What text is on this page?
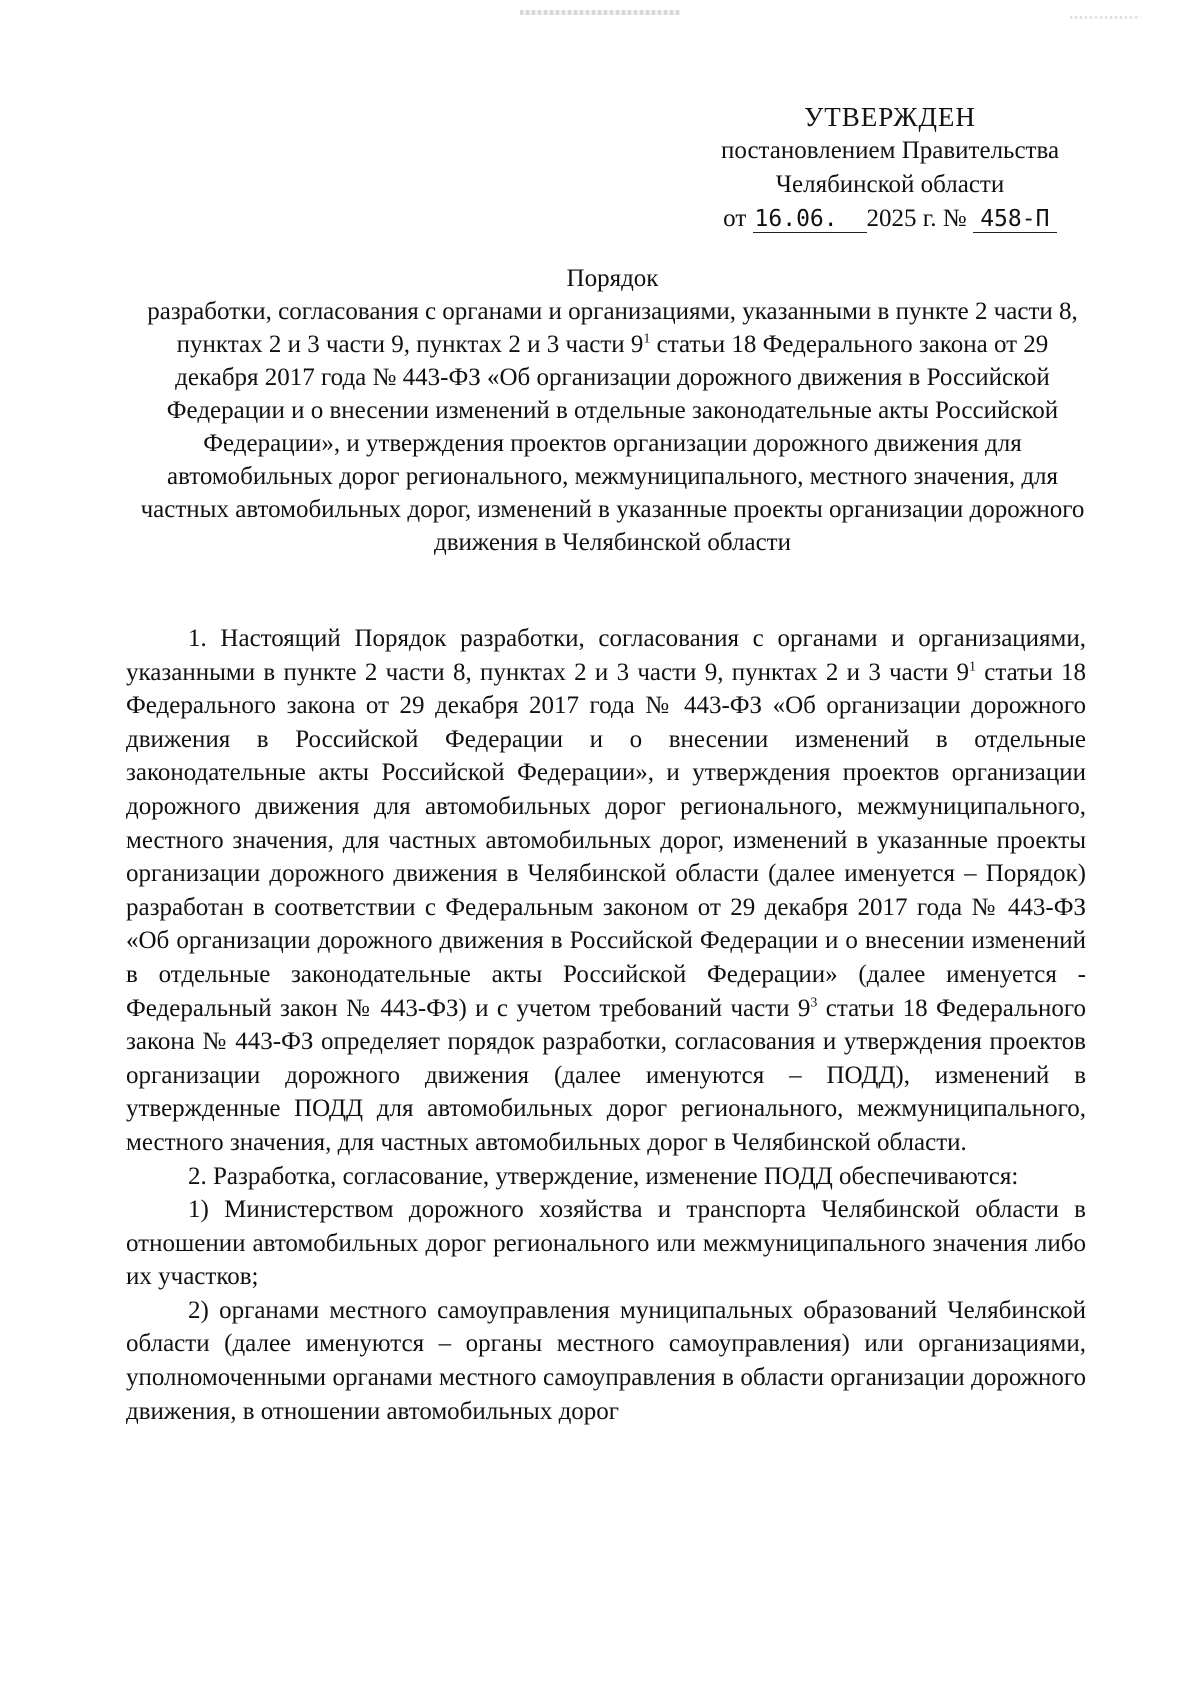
УТВЕРЖДЕН
постановлением Правительства
Челябинской области
от 16.06. 2025 г. № 458-П
Порядок
разработки, согласования с органами и организациями, указанными в пункте 2 части 8, пунктах 2 и 3 части 9, пунктах 2 и 3 части $9^1$ статьи 18 Федерального закона от 29 декабря 2017 года № 443-ФЗ «Об организации дорожного движения в Российской Федерации и о внесении изменений в отдельные законодательные акты Российской Федерации», и утверждения проектов организации дорожного движения для автомобильных дорог регионального, межмуниципального, местного значения, для частных автомобильных дорог, изменений в указанные проекты организации дорожного движения в Челябинской области

1. Настоящий Порядок разработки, согласования с органами и организациями, указанными в пункте 2 части 8, пунктах 2 и 3 части 9, пунктах 2 и 3 части $9^1$ статьи 18 Федерального закона от 29 декабря 2017 года № 443-ФЗ «Об организации дорожного движения в Российской Федерации и о внесении изменений в отдельные законодательные акты Российской Федерации», и утверждения проектов организации дорожного движения для автомобильных дорог регионального, межмуниципального, местного значения, для частных автомобильных дорог, изменений в указанные проекты организации дорожного движения в Челябинской области (далее именуется – Порядок) разработан в соответствии с Федеральным законом от 29 декабря 2017 года № 443-ФЗ «Об организации дорожного движения в Российской Федерации и о внесении изменений в отдельные законодательные акты Российской Федерации» (далее именуется - Федеральный закон № 443-ФЗ) и с учетом требований части $9^3$ статьи 18 Федерального закона № 443-ФЗ определяет порядок разработки, согласования и утверждения проектов организации дорожного движения (далее именуются – ПОДД), изменений в утвержденные ПОДД для автомобильных дорог регионального, межмуниципального, местного значения, для частных автомобильных дорог в Челябинской области.

2. Разработка, согласование, утверждение, изменение ПОДД обеспечиваются:

1) Министерством дорожного хозяйства и транспорта Челябинской области в отношении автомобильных дорог регионального или межмуниципального значения либо их участков;

2) органами местного самоуправления муниципальных образований Челябинской области (далее именуются – органы местного самоуправления) или организациями, уполномоченными органами местного самоуправления в области организации дорожного движения, в отношении автомобильных дорог
